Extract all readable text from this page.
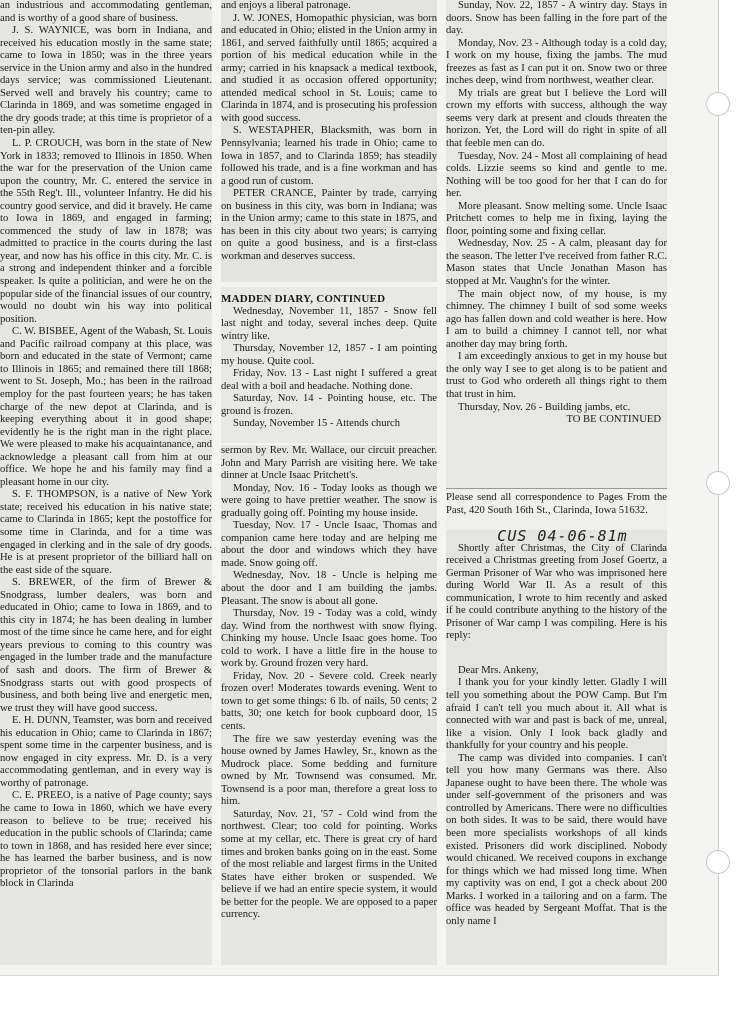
an industrious and accommodating gentleman, and is worthy of a good share of business.

J. S. WAYNICE, was born in Indiana, and received his education mostly in the same state; came to Iowa in 1850; was in the three years service in the Union army and also in the hundred days service; was commissioned Lieutenant. Served well and bravely his country; came to Clarinda in 1869, and was sometime engaged in the dry goods trade; at this time is proprietor of a ten-pin alley.

L. P. CROUCH, was born in the state of New York in 1833; removed to Illinois in 1850. When the war for the preservation of the Union came upon the country, Mr. C. entered the service in the 55th Reg't. Ill., volunteer Infantry. He did his country good service, and did it bravely. He came to Iowa in 1869, and engaged in farming; commenced the study of law in 1878; was admitted to practice in the courts during the last year, and now has his office in this city. Mr. C. is a strong and independent thinker and a forcible speaker. Is quite a politician, and were he on the popular side of the financial issues of our country, would no doubt win his way into political position.

C. W. BISBEE, Agent of the Wabash, St. Louis and Pacific railroad company at this place, was born and educated in the state of Vermont; came to Illinois in 1865; and remained there till 1868; went to St. Joseph, Mo.; has been in the railroad employ for the past fourteen years; he has taken charge of the new depot at Clarinda, and is keeping everything about it in good shape; evidently he is the right man in the right place. We were pleased to make his acquaintanance, and acknowledge a pleasant call from him at our office. We hope he and his family may find a pleasant home in our city.

S. F. THOMPSON, is a native of New York state; received his education in his native state; came to Clarinda in 1865; kept the postoffice for some time in Clarinda, and for a time was engaged in clerking and in the sale of dry goods. He is at present proprietor of the billiard hall on the east side of the square.

S. BREWER, of the firm of Brewer & Snodgrass, lumber dealers, was born and educated in Ohio; came to Iowa in 1869, and to this city in 1874; he has been dealing in lumber most of the time since he came here, and for eight years previous to coming to this country was engaged in the lumber trade and the manufacture of sash and doors. The firm of Brewer & Snodgrass starts out with good prospects of business, and both being live and energetic men, we trust they will have good success.

E. H. DUNN, Teamster, was born and received his education in Ohio; came to Clarinda in 1867; spent some time in the carpenter business, and is now engaged in city express. Mr. D. is a very accommodating gentleman, and in every way is worthy of patronage.

C. E. PREEO, is a native of Page county; says he came to Iowa in 1860, which we have every reason to believe to be true; received his education in the public schools of Clarinda; came to town in 1868, and has resided here ever since; he has learned the barber business, and is now proprietor of the tonsorial parlors in the bank block in Clarinda

and enjoys a liberal patronage.

J. W. JONES, Homopathic physician, was born and educated in Ohio; elisted in the Union army in 1861, and served faithfully until 1865; acquired a portion of his medical education while in the army; carried in his knapsack a medical textbook, and studied it as occasion offered opportunity; attended medical school in St. Louis; came to Clarinda in 1874, and is prosecuting his profession with good success.

S. WESTAPHER, Blacksmith, was born in Pennsylvania; learned his trade in Ohio; came to Iowa in 1857, and to Clarinda 1859; has steadily followed his trade, and is a fine workman and has a good run of custom.

PETER CRANCE, Painter by trade, carrying on business in this city, was born in Indiana; was in the Union army; came to this state in 1875, and has been in this city about two years; is carrying on quite a good business, and is a first-class workman and deserves success.

MADDEN DIARY, CONTINUED

Wednesday, November 11, 1857 - Snow fell last night and today, several inches deep. Quite wintry like.

Thursday, November 12, 1857 - I am pointing my house. Quite cool.

Friday, Nov. 13 - Last night I suffered a great deal with a boil and headache. Nothing done.

Saturday, Nov. 14 - Pointing house, etc. The ground is frozen.

Sunday, November 15 - Attends church

sermon by Rev. Mr. Wallace, our circuit preacher. John and Mary Parrish are visiting here. We take dinner at Uncle Isaac Pritchett's.

Monday, Nov. 16 - Today looks as though we were going to have prettier weather. The snow is gradually going off. Pointing my house inside.

Tuesday, Nov. 17 - Uncle Isaac, Thomas and companion came here today and are helping me about the door and windows which they have made. Snow going off.

Wednesday, Nov. 18 - Uncle is helping me about the door and I am building the jambs. Pleasant. The snow is about all gone.

Thursday, Nov. 19 - Today was a cold, windy day. Wind from the northwest with snow flying. Chinking my house. Uncle Isaac goes home. Too cold to work. I have a little fire in the house to work by. Ground frozen very hard.

Friday, Nov. 20 - Severe cold. Creek nearly frozen over! Moderates towards evening. Went to town to get some things: 6 lb. of nails, 50 cents; 2 batts, 30; one ketch for book cupboard door, 15 cents.

The fire we saw yesterday evening was the house owned by James Hawley, Sr., known as the Mudrock place. Some bedding and furniture owned by Mr. Townsend was consumed. Mr. Townsend is a poor man, therefore a great loss to him.

Saturday, Nov. 21, '57 - Cold wind from the northwest. Clear; too cold for pointing. Works some at my cellar, etc. There is great cry of hard times and broken banks going on in the east. Some of the most reliable and largest firms in the United States have either broken or suspended. We believe if we had an entire specie system, it would be better for the people. We are opposed to a paper currency.

Sunday, Nov. 22, 1857 - A wintry day. Stays in doors. Snow has been falling in the fore part of the day.

Monday, Nov. 23 - Although today is a cold day, I work on my house, fixing the jambs. The mud freezes as fast as I can put it on. Snow two or three inches deep, wind from northwest, weather clear.

My trials are great but I believe the Lord will crown my efforts with success, although the way seems very dark at present and clouds threaten the horizon. Yet, the Lord will do right in spite of all that feeble men can do.

Tuesday, Nov. 24 - Most all complaining of head colds. Lizzie seems so kind and gentle to me. Nothing will be too good for her that I can do for her.

More pleasant. Snow melting some. Uncle Isaac Pritchett comes to help me in fixing, laying the floor, pointing some and fixing cellar.

Wednesday, Nov. 25 - A calm, pleasant day for the season. The letter I've received from father R.C. Mason states that Uncle Jonathan Mason has stopped at Mr. Vaughn's for the winter.

The main object now, of my house, is my chimney. The chimney I built of sod some weeks ago has fallen down and cold weather is here. How I am to build a chimney I cannot tell, nor what another day may bring forth.

I am exceedingly anxious to get in my house but the only way I see to get along is to be patient and trust to God who ordereth all things right to them that trust in him.

Thursday, Nov. 26 - Building jambs, etc.

TO BE CONTINUED

Please send all correspondence to Pages From the Past, 420 South 16th St., Clarinda, Iowa 51632.

CUS 04-06-81m

Shortly after Christmas, the City of Clarinda received a Christmas greeting from Josef Goertz, a German Prisoner of War who was imprisoned here during World War II. As a result of this communication, I wrote to him recently and asked if he could contribute anything to the history of the Prisoner of War camp I was compiling. Here is his reply:

Dear Mrs. Ankeny,

I thank you for your kindly letter. Gladly I will tell you something about the POW Camp. But I'm afraid I can't tell you much about it. All what is connected with war and past is back of me, unreal, like a vision. Only I look back gladly and thankfully for your country and his people.

The camp was divided into companies. I can't tell you how many Germans was there. Also Japanese ought to have been there. The whole was under self-government of the prisoners and was controlled by Americans. There were no difficulties on both sides. It was to be said, there would have been more specialists workshops of all kinds existed. Prisoners did work disciplined. Nobody would chicaned. We received coupons in exchange for things which we had missed long time. When my captivity was on end, I got a check about 200 Marks. I worked in a tailoring and on a farm. The office was headed by Sergeant Moffat. That is the only name I
